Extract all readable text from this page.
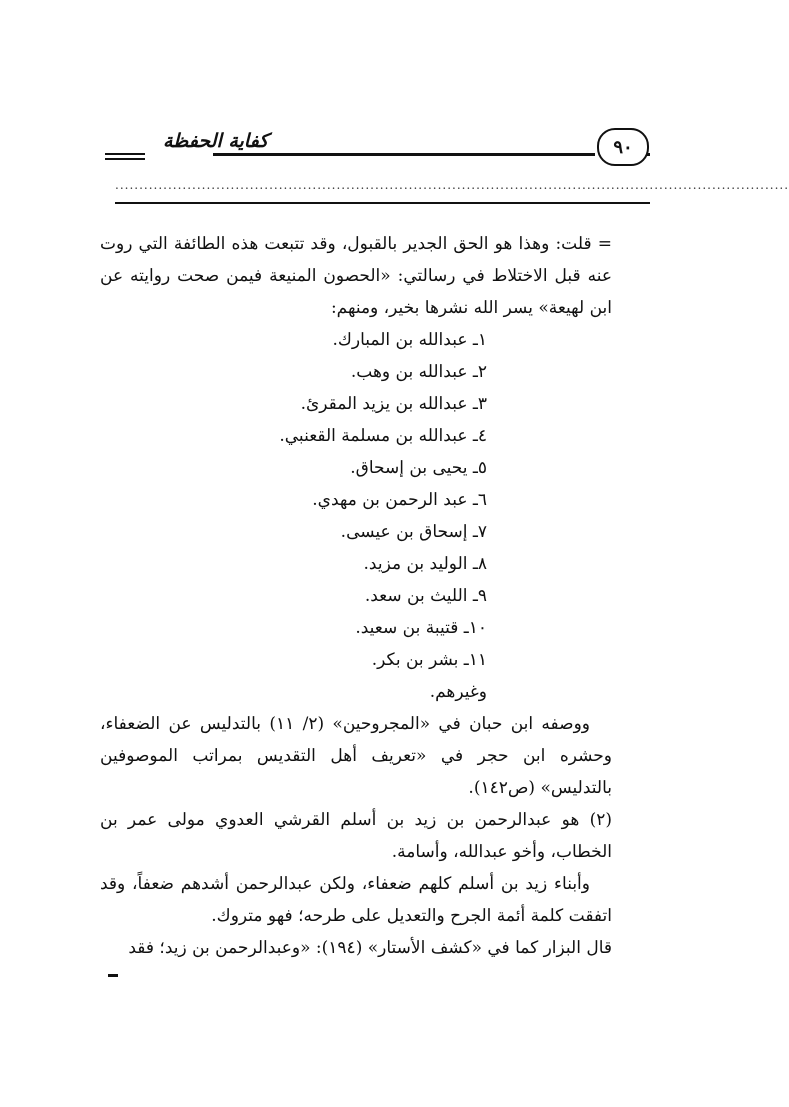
٩٠
كفاية الحفظة
............................................................................................................................................

= قلت: وهذا هو الحق الجدير بالقبول، وقد تتبعت هذه الطائفة التي روت عنه قبل الاختلاط في رسالتي: «الحصون المنيعة فيمن صحت روايته عن ابن لهيعة» يسر الله نشرها بخير، ومنهم:

١ـ عبدالله بن المبارك.
٢ـ عبدالله بن وهب.
٣ـ عبدالله بن يزيد المقرئ.
٤ـ عبدالله بن مسلمة القعنبي.
٥ـ يحيى بن إسحاق.
٦ـ عبد الرحمن بن مهدي.
٧ـ إسحاق بن عيسى.
٨ـ الوليد بن مزيد.
٩ـ الليث بن سعد.
١٠ـ قتيبة بن سعيد.
١١ـ بشر بن بكر.
وغيرهم.

ووصفه ابن حبان في «المجروحين» (٢/ ١١) بالتدليس عن الضعفاء، وحشره ابن حجر في «تعريف أهل التقديس بمراتب الموصوفين بالتدليس» (ص١٤٢).

(٢) هو عبدالرحمن بن زيد بن أسلم القرشي العدوي مولى عمر بن الخطاب، وأخو عبدالله، وأسامة.

وأبناء زيد بن أسلم كلهم ضعفاء، ولكن عبدالرحمن أشدهم ضعفاً، وقد اتفقت كلمة أئمة الجرح والتعديل على طرحه؛ فهو متروك.

قال البزار كما في «كشف الأستار» (١٩٤): «وعبدالرحمن بن زيد؛ فقد
